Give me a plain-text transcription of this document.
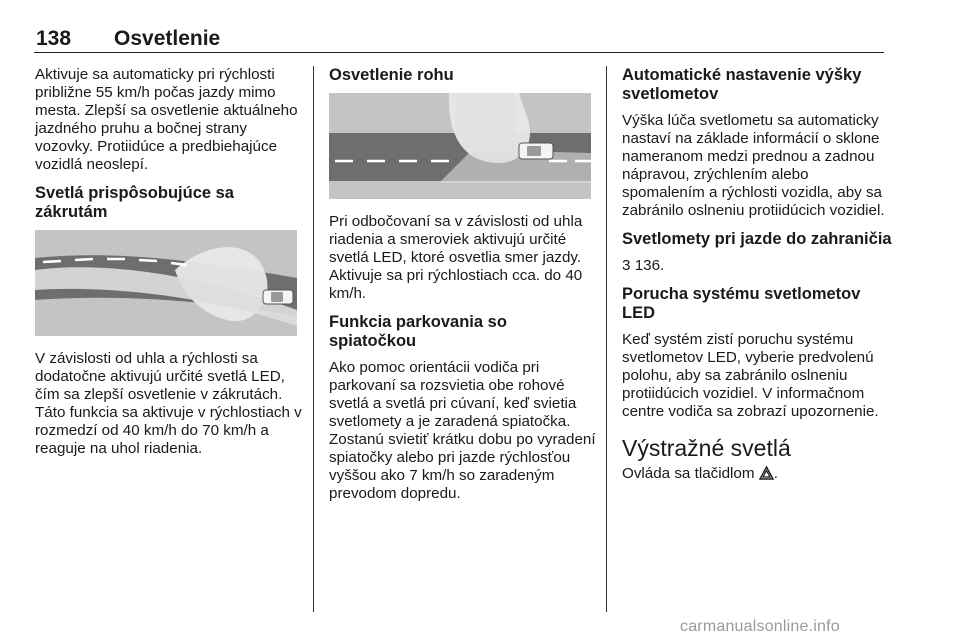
138 Osvetlenie

Aktivuje sa automaticky pri rýchlosti približne 55 km/h počas jazdy mimo mesta. Zlepší sa osvetlenie aktuálneho jazdného pruhu a bočnej strany vozovky. Protiidúce a predbiehajúce vozidlá neoslepí.

Svetlá prispôsobujúce sa zákrutám

V závislosti od uhla a rýchlosti sa dodatočne aktivujú určité svetlá LED, čím sa zlepší osvetlenie v zákrutách. Táto funkcia sa aktivuje v rýchlostiach v rozmedzí od 40 km/h do 70 km/h a reaguje na uhol riadenia.

Osvetlenie rohu

Pri odbočovaní sa v závislosti od uhla riadenia a smeroviek aktivujú určité svetlá LED, ktoré osvetlia smer jazdy. Aktivuje sa pri rýchlostiach cca. do 40 km/h.

Funkcia parkovania so spiatočkou

Ako pomoc orientácii vodiča pri parkovaní sa rozsvietia obe rohové svetlá a svetlá pri cúvaní, keď svietia svetlomety a je zaradená spiatočka. Zostanú svietiť krátku dobu po vyradení spiatočky alebo pri jazde rýchlosťou vyššou ako 7 km/h so zaradeným prevodom dopredu.

Automatické nastavenie výšky svetlometov

Výška lúča svetlometu sa automaticky nastaví na základe informácií o sklone nameranom medzi prednou a zadnou nápravou, zrýchlením alebo spomalením a rýchlosti vozidla, aby sa zabránilo oslneniu protiidúcich vozidiel.

Svetlomety pri jazde do zahraničia

3 136.

Porucha systému svetlometov LED

Keď systém zistí poruchu systému svetlometov LED, vyberie predvolenú polohu, aby sa zabránilo oslneniu protiidúcich vozidiel. V informačnom centre vodiča sa zobrazí upozornenie.

Výstražné svetlá

Ovláda sa tlačidlom .

carmanualsonline.info
